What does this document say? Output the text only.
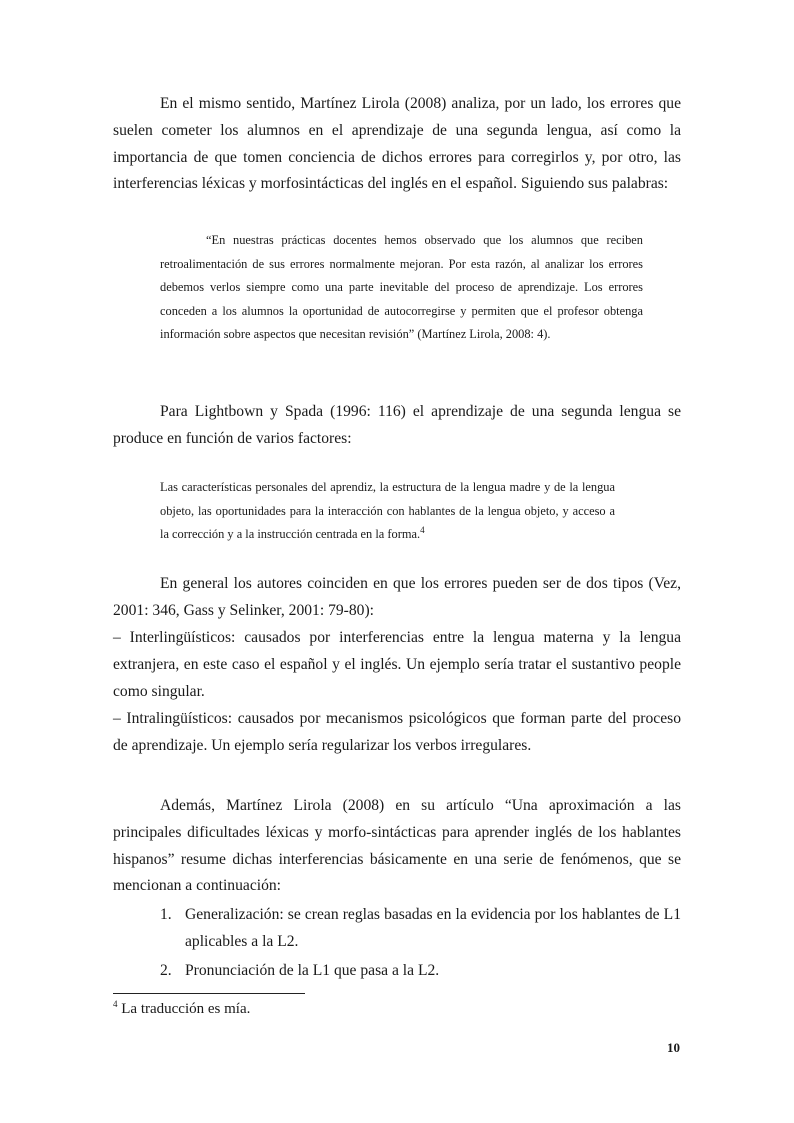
En el mismo sentido, Martínez Lirola (2008) analiza, por un lado, los errores que suelen cometer los alumnos en el aprendizaje de una segunda lengua, así como la importancia de que tomen conciencia de dichos errores para corregirlos y, por otro, las interferencias léxicas y morfosintácticas del inglés en el español. Siguiendo sus palabras:

“En nuestras prácticas docentes hemos observado que los alumnos que reciben retroalimentación de sus errores normalmente mejoran. Por esta razón, al analizar los errores debemos verlos siempre como una parte inevitable del proceso de aprendizaje. Los errores conceden a los alumnos la oportunidad de autocorregirse y permiten que el profesor obtenga información sobre aspectos que necesitan revisión” (Martínez Lirola, 2008: 4).

Para Lightbown y Spada (1996: 116) el aprendizaje de una segunda lengua se produce en función de varios factores:

Las características personales del aprendiz, la estructura de la lengua madre y de la lengua objeto, las oportunidades para la interacción con hablantes de la lengua objeto, y acceso a la corrección y a la instrucción centrada en la forma.$^4$

En general los autores coinciden en que los errores pueden ser de dos tipos (Vez, 2001: 346, Gass y Selinker, 2001: 79-80):

– Interlingüísticos: causados por interferencias entre la lengua materna y la lengua extranjera, en este caso el español y el inglés. Un ejemplo sería tratar el sustantivo people como singular.

– Intralingüísticos: causados por mecanismos psicológicos que forman parte del proceso de aprendizaje. Un ejemplo sería regularizar los verbos irregulares.

Además, Martínez Lirola (2008) en su artículo “Una aproximación a las principales dificultades léxicas y morfo-sintácticas para aprender inglés de los hablantes hispanos” resume dichas interferencias básicamente en una serie de fenómenos, que se mencionan a continuación:

1. Generalización: se crean reglas basadas en la evidencia por los hablantes de L1 aplicables a la L2.
2. Pronunciación de la L1 que pasa a la L2.

$^4$ La traducción es mía.

10
